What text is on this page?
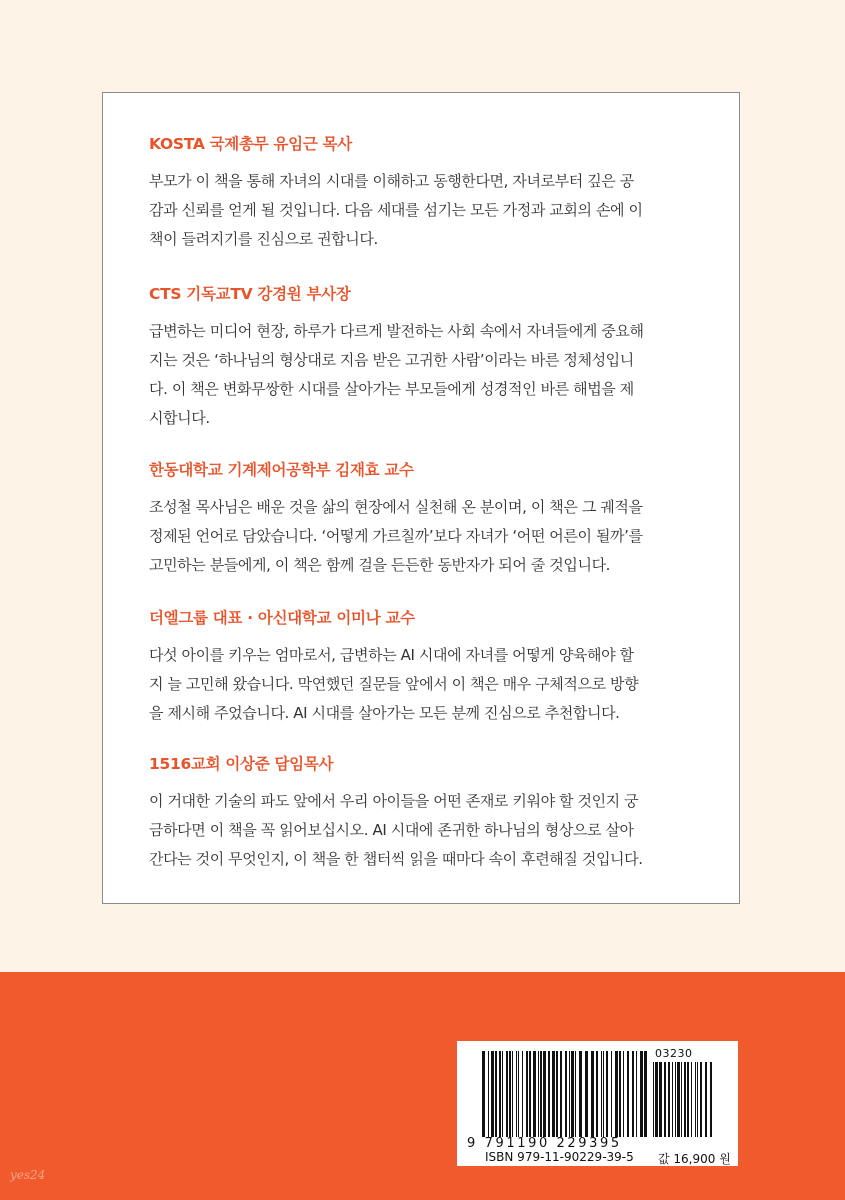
KOSTA 국제총무 유임근 목사
부모가 이 책을 통해 자녀의 시대를 이해하고 동행한다면, 자녀로부터 깊은 공
감과 신뢰를 얻게 될 것입니다. 다음 세대를 섬기는 모든 가정과 교회의 손에 이
책이 들려지기를 진심으로 권합니다.
CTS 기독교TV 강경원 부사장
급변하는 미디어 현장, 하루가 다르게 발전하는 사회 속에서 자녀들에게 중요해
지는 것은 ‘하나님의 형상대로 지음 받은 고귀한 사람’이라는 바른 정체성입니
다. 이 책은 변화무쌍한 시대를 살아가는 부모들에게 성경적인 바른 해법을 제
시합니다.
한동대학교 기계제어공학부 김재효 교수
조성철 목사님은 배운 것을 삶의 현장에서 실천해 온 분이며, 이 책은 그 궤적을
정제된 언어로 담았습니다. ‘어떻게 가르칠까’보다 자녀가 ‘어떤 어른이 될까’를
고민하는 분들에게, 이 책은 함께 걸을 든든한 동반자가 되어 줄 것입니다.
더엘그룹 대표 · 아신대학교 이미나 교수
다섯 아이를 키우는 엄마로서, 급변하는 AI 시대에 자녀를 어떻게 양육해야 할
지 늘 고민해 왔습니다. 막연했던 질문들 앞에서 이 책은 매우 구체적으로 방향
을 제시해 주었습니다. AI 시대를 살아가는 모든 분께 진심으로 추천합니다.
1516교회 이상준 담임목사
이 거대한 기술의 파도 앞에서 우리 아이들을 어떤 존재로 키워야 할 것인지 궁
금하다면 이 책을 꼭 읽어보십시오. AI 시대에 존귀한 하나님의 형상으로 살아
간다는 것이 무엇인지, 이 책을 한 챕터씩 읽을 때마다 속이 후련해질 것입니다.
03230
9 791190 229395
ISBN 979-11-90229-39-5 값 16,900 원
yes24
